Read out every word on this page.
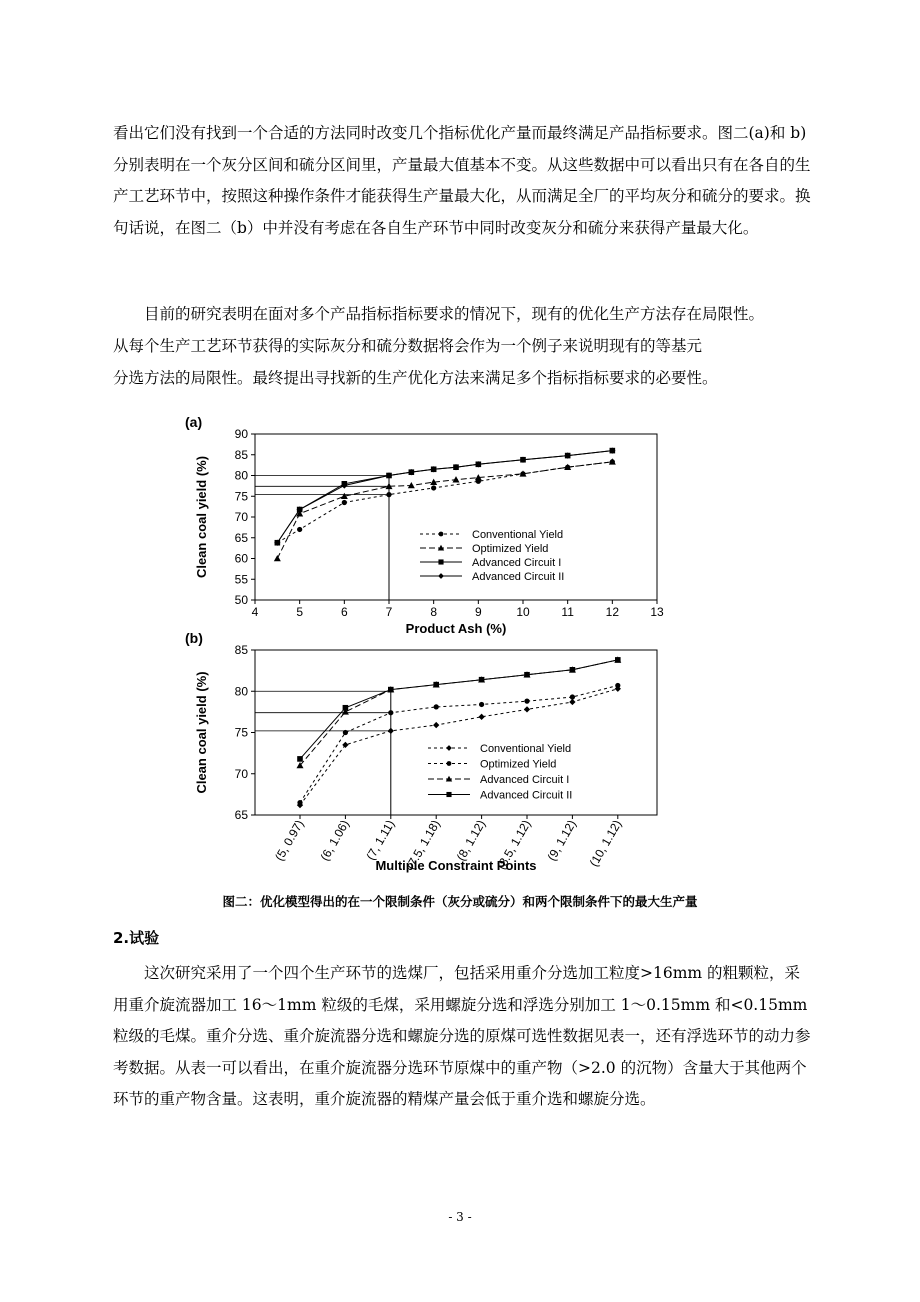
看出它们没有找到一个合适的方法同时改变几个指标优化产量而最终满足产品指标要求。图二(a)和 b)分别表明在一个灰分区间和硫分区间里，产量最大值基本不变。从这些数据中可以看出只有在各自的生产工艺环节中，按照这种操作条件才能获得生产量最大化，从而满足全厂的平均灰分和硫分的要求。换句话说，在图二（b）中并没有考虑在各自生产环节中同时改变灰分和硫分来获得产量最大化。

目前的研究表明在面对多个产品指标指标要求的情况下，现有的优化生产方法存在局限性。

从每个生产工艺环节获得的实际灰分和硫分数据将会作为一个例子来说明现有的等基元

分选方法的局限性。最终提出寻找新的生产优化方法来满足多个指标指标要求的必要性。

4	5	6	7	8	9	10	11	12	13
50
55
60
65
70
75
80
85
90
Conventional Yield
Optimized Yield
Advanced Circuit I
Advanced Circuit II
(a)
Product Ash (%)
Clean coal yield (%)
65
70
75
80
85
(5, 0.97) (6, 1.06) (7, 1.11) (7.5, 1.18) (8, 1.12) (8.5, 1.12) (9, 1.12) (10, 1.12)
Conventional Yield
Optimized Yield
Advanced Circuit I
Advanced Circuit II
(b)
Multiple Constraint Points
Clean coal yield (%)
图二：优化模型得出的在一个限制条件（灰分或硫分）和两个限制条件下的最大生产量
2.试验

这次研究采用了一个四个生产环节的选煤厂，包括采用重介分选加工粒度>16mm 的粗颗粒，采用重介旋流器加工 16～1mm 粒级的毛煤，采用螺旋分选和浮选分别加工 1～0.15mm 和<0.15mm 粒级的毛煤。重介分选、重介旋流器分选和螺旋分选的原煤可选性数据见表一，还有浮选环节的动力参考数据。从表一可以看出，在重介旋流器分选环节原煤中的重产物（>2.0 的沉物）含量大于其他两个环节的重产物含量。这表明，重介旋流器的精煤产量会低于重介选和螺旋分选。

- 3 -
